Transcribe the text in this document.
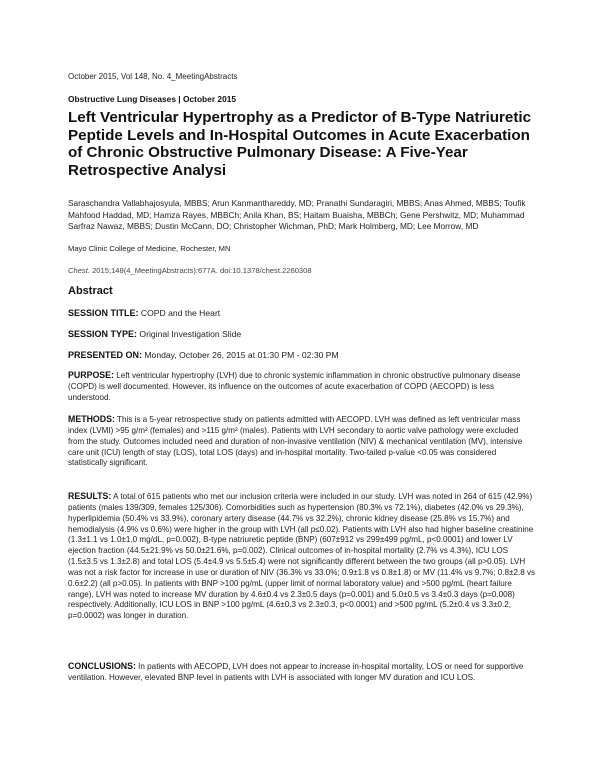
October 2015, Vol 148, No. 4_MeetingAbstracts
Obstructive Lung Diseases | October 2015
Left Ventricular Hypertrophy as a Predictor of B-Type Natriuretic Peptide Levels and In-Hospital Outcomes in Acute Exacerbation of Chronic Obstructive Pulmonary Disease: A Five-Year Retrospective Analysi

Saraschandra Vallabhajosyula, MBBS; Arun Kanmanthareddy, MD; Pranathi Sundaragiri, MBBS; Anas Ahmed, MBBS; Toufik Mahfood Haddad, MD; Hamza Rayes, MBBCh; Anila Khan, BS; Haitam Buaisha, MBBCh; Gene Pershwitz, MD; Muhammad Sarfraz Nawaz, MBBS; Dustin McCann, DO; Christopher Wichman, PhD; Mark Holmberg, MD; Lee Morrow, MD

Mayo Clinic College of Medicine, Rochester, MN
Chest. 2015;148(4_MeetingAbstracts):677A. doi:10.1378/chest.2260308
Abstract
SESSION TITLE: COPD and the Heart
SESSION TYPE: Original Investigation Slide
PRESENTED ON: Monday, October 26, 2015 at 01:30 PM - 02:30 PM

PURPOSE: Left ventricular hypertrophy (LVH) due to chronic systemic inflammation in chronic obstructive pulmonary disease (COPD) is well documented. However, its influence on the outcomes of acute exacerbation of COPD (AECOPD) is less understood.

METHODS: This is a 5-year retrospective study on patients admitted with AECOPD. LVH was defined as left ventricular mass index (LVMI) >95 g/m² (females) and >115 g/m² (males). Patients with LVH secondary to aortic valve pathology were excluded from the study. Outcomes included need and duration of non-invasive ventilation (NIV) & mechanical ventilation (MV), intensive care unit (ICU) length of stay (LOS), total LOS (days) and in-hospital mortality. Two-tailed p-value <0.05 was considered statistically significant.

RESULTS: A total of 615 patients who met our inclusion criteria were included in our study. LVH was noted in 264 of 615 (42.9%) patients (males 139/309, females 125/306). Comorbidities such as hypertension (80.3% vs 72.1%), diabetes (42.0% vs 29.3%), hyperlipidemia (50.4% vs 33.9%), coronary artery disease (44.7% vs 32.2%), chronic kidney disease (25.8% vs 15.7%) and hemodialysis (4.9% vs 0.6%) were higher in the group with LVH (all p≤0.02). Patients with LVH also had higher baseline creatinine (1.3±1.1 vs 1.0±1.0 mg/dL, p=0.002), B-type natriuretic peptide (BNP) (607±912 vs 299±499 pg/mL, p<0.0001) and lower LV ejection fraction (44.5±21.9% vs 50.0±21.6%, p=0.002). Clinical outcomes of in-hospital mortality (2.7% vs 4.3%), ICU LOS (1.5±3.5 vs 1.3±2.8) and total LOS (5.4±4.9 vs 5.5±5.4) were not significantly different between the two groups (all p>0.05). LVH was not a risk factor for increase in use or duration of NIV (36.3% vs 33.0%; 0.9±1.8 vs 0.8±1.8) or MV (11.4% vs 9.7%; 0.8±2.8 vs 0.6±2.2) (all p>0.05). In patients with BNP >100 pg/mL (upper limit of normal laboratory value) and >500 pg/mL (heart failure range), LVH was noted to increase MV duration by 4.6±0.4 vs 2.3±0.5 days (p=0.001) and 5.0±0.5 vs 3.4±0.3 days (p=0.008) respectively. Additionally, ICU LOS in BNP >100 pg/mL (4.6±0.3 vs 2.3±0.3, p<0.0001) and >500 pg/mL (5.2±0.4 vs 3.3±0.2, p=0.0002) was longer in duration.

CONCLUSIONS: In patients with AECOPD, LVH does not appear to increase in-hospital mortality, LOS or need for supportive ventilation. However, elevated BNP level in patients with LVH is associated with longer MV duration and ICU LOS.
